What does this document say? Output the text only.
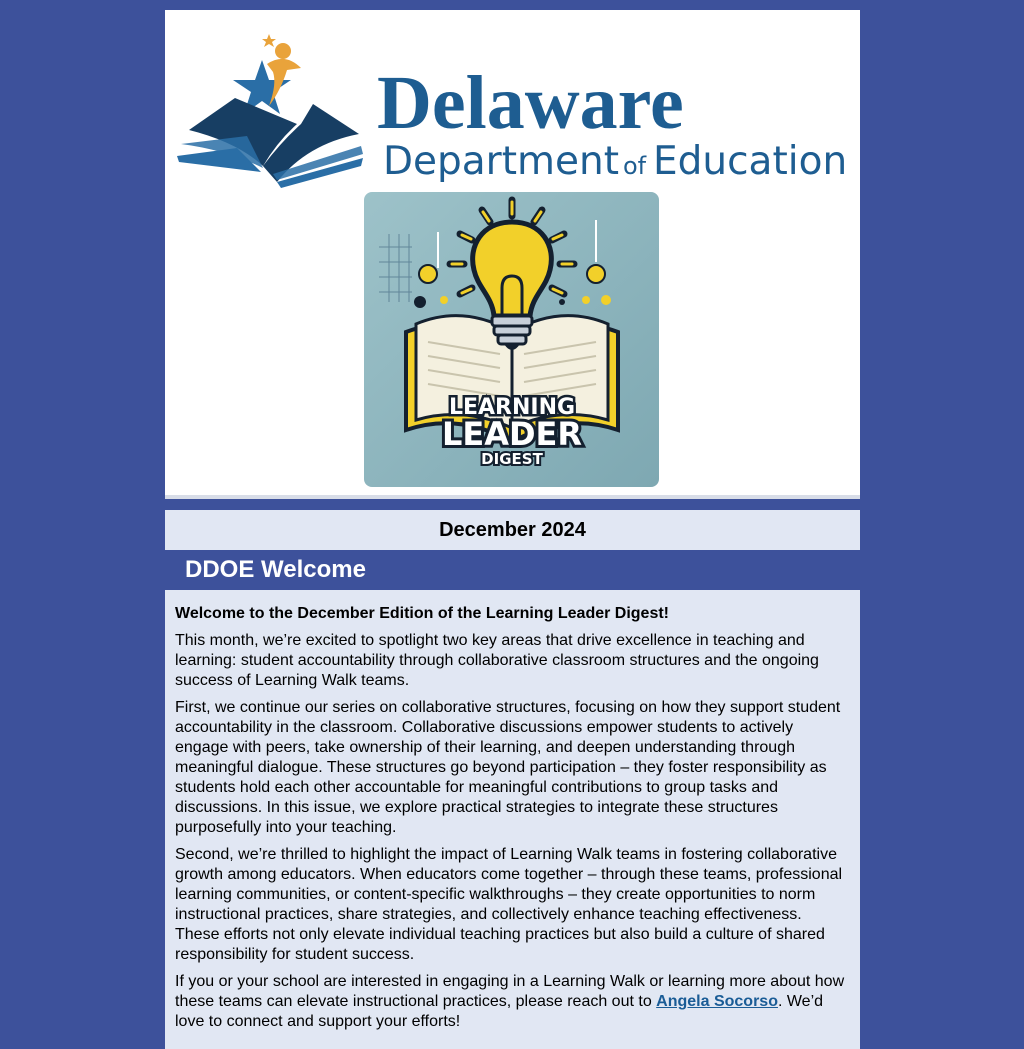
Delaware
Department of Education
LEARNING
LEADER
DIGEST
December 2024
DDOE Welcome

Welcome to the December Edition of the Learning Leader Digest!

This month, we’re excited to spotlight two key areas that drive excellence in teaching and learning: student accountability through collaborative classroom structures and the ongoing success of Learning Walk teams.

First, we continue our series on collaborative structures, focusing on how they support student accountability in the classroom. Collaborative discussions empower students to actively engage with peers, take ownership of their learning, and deepen understanding through meaningful dialogue. These structures go beyond participation – they foster responsibility as students hold each other accountable for meaningful contributions to group tasks and discussions. In this issue, we explore practical strategies to integrate these structures purposefully into your teaching.

Second, we’re thrilled to highlight the impact of Learning Walk teams in fostering collaborative growth among educators. When educators come together – through these teams, professional learning communities, or content-specific walkthroughs – they create opportunities to norm instructional practices, share strategies, and collectively enhance teaching effectiveness. These efforts not only elevate individual teaching practices but also build a culture of shared responsibility for student success.

If you or your school are interested in engaging in a Learning Walk or learning more about how these teams can elevate instructional practices, please reach out to Angela Socorso. We’d love to connect and support your efforts!
